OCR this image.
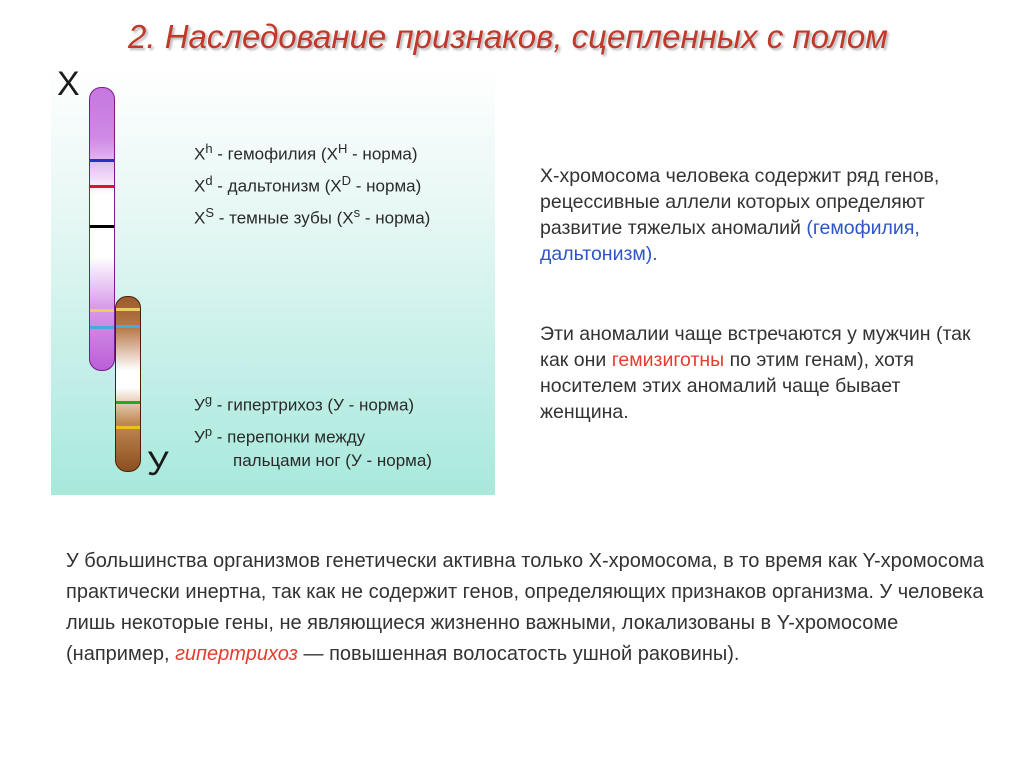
2. Наследование признаков, сцепленных с полом
X
У
$X^h$ - гемофилия ($X^H$ - норма)
$X^d$ - дальтонизм ($X^D$ - норма)
$X^S$ - темные зубы ($X^s$ - норма)
$У^g$ - гипертрихоз (У - норма)
$У^p$ - перепонки между
пальцами ног (У - норма)
X-хромосома человека содержит ряд генов, рецессивные аллели которых определяют развитие тяжелых аномалий (гемофилия, дальтонизм).
Эти аномалии чаще встречаются у мужчин (так как они гемизиготны по этим генам), хотя носителем этих аномалий чаще бывает женщина.
У большинства организмов генетически активна только X-хромосома, в то время как Y-хромосома практически инертна, так как не содержит генов, определяющих признаков организма. У человека лишь некоторые гены, не являющиеся жизненно важными, локализованы в Y-хромосоме (например, гипертрихоз — повышенная волосатость ушной раковины).
